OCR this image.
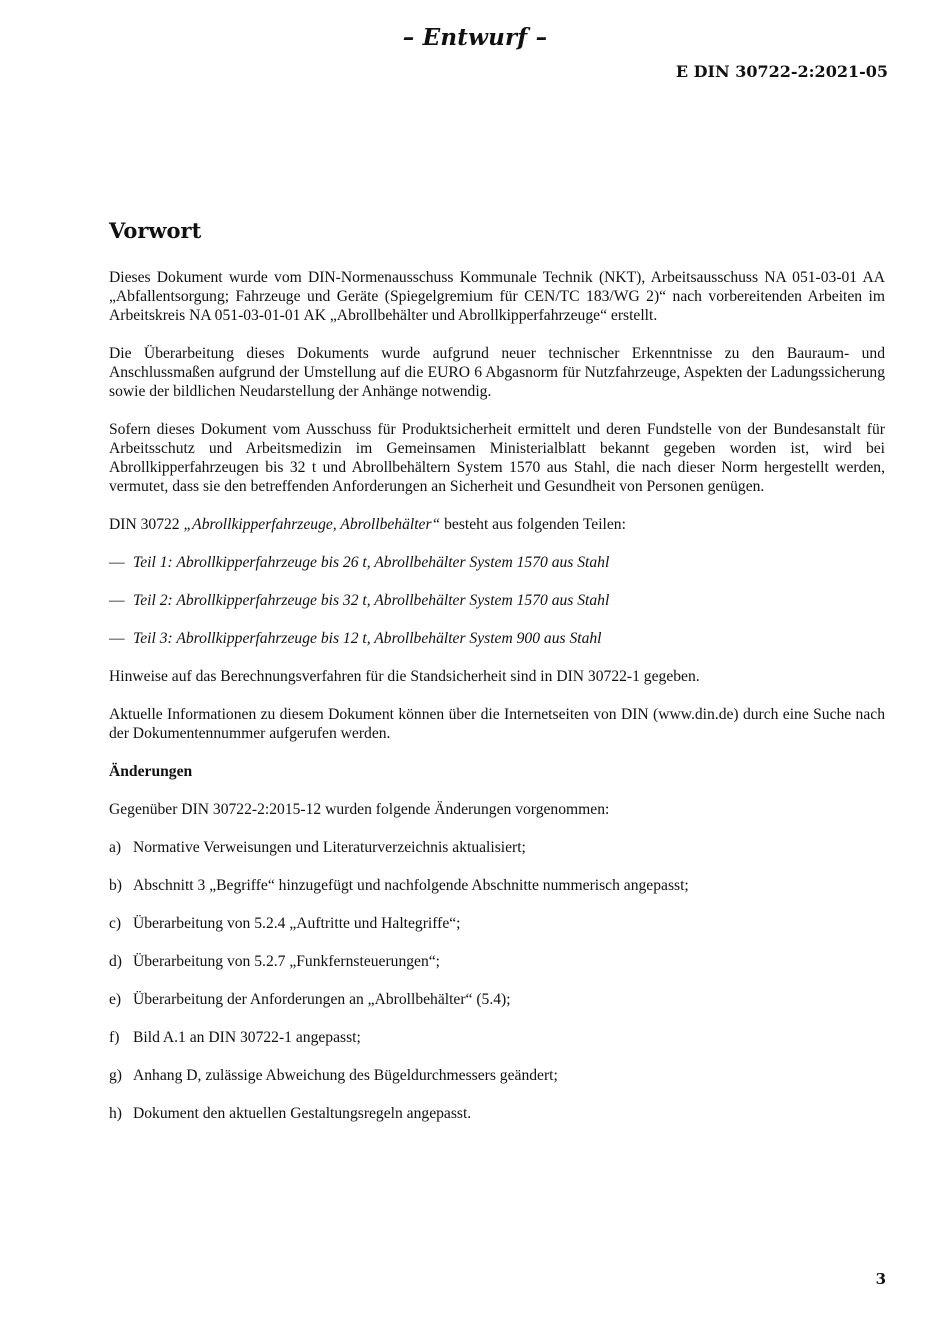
– Entwurf –
E DIN 30722-2:2021-05
Vorwort

Dieses Dokument wurde vom DIN-Normenausschuss Kommunale Technik (NKT), Arbeitsausschuss NA 051-03-01 AA „Abfallentsorgung; Fahrzeuge und Geräte (Spiegelgremium für CEN/TC 183/WG 2)“ nach vorbereitenden Arbeiten im Arbeitskreis NA 051-03-01-01 AK „Abrollbehälter und Abrollkipperfahrzeuge“ erstellt.

Die Überarbeitung dieses Dokuments wurde aufgrund neuer technischer Erkenntnisse zu den Bauraum- und Anschlussmaßen aufgrund der Umstellung auf die EURO 6 Abgasnorm für Nutzfahrzeuge, Aspekten der Ladungssicherung sowie der bildlichen Neudarstellung der Anhänge notwendig.

Sofern dieses Dokument vom Ausschuss für Produktsicherheit ermittelt und deren Fundstelle von der Bundesanstalt für Arbeitsschutz und Arbeitsmedizin im Gemeinsamen Ministerialblatt bekannt gegeben worden ist, wird bei Abrollkipperfahrzeugen bis 32 t und Abrollbehältern System 1570 aus Stahl, die nach dieser Norm hergestellt werden, vermutet, dass sie den betreffenden Anforderungen an Sicherheit und Gesundheit von Personen genügen.

DIN 30722 „Abrollkipperfahrzeuge, Abrollbehälter“ besteht aus folgenden Teilen:

— Teil 1: Abrollkipperfahrzeuge bis 26 t, Abrollbehälter System 1570 aus Stahl
— Teil 2: Abrollkipperfahrzeuge bis 32 t, Abrollbehälter System 1570 aus Stahl
— Teil 3: Abrollkipperfahrzeuge bis 12 t, Abrollbehälter System 900 aus Stahl

Hinweise auf das Berechnungsverfahren für die Standsicherheit sind in DIN 30722-1 gegeben.

Aktuelle Informationen zu diesem Dokument können über die Internetseiten von DIN (www.din.de) durch eine Suche nach der Dokumentennummer aufgerufen werden.

Änderungen

Gegenüber DIN 30722-2:2015-12 wurden folgende Änderungen vorgenommen:

a) Normative Verweisungen und Literaturverzeichnis aktualisiert;
b) Abschnitt 3 „Begriffe“ hinzugefügt und nachfolgende Abschnitte nummerisch angepasst;
c) Überarbeitung von 5.2.4 „Auftritte und Haltegriffe“;
d) Überarbeitung von 5.2.7 „Funkfernsteuerungen“;
e) Überarbeitung der Anforderungen an „Abrollbehälter“ (5.4);
f) Bild A.1 an DIN 30722-1 angepasst;
g) Anhang D, zulässige Abweichung des Bügeldurchmessers geändert;
h) Dokument den aktuellen Gestaltungsregeln angepasst.
3
